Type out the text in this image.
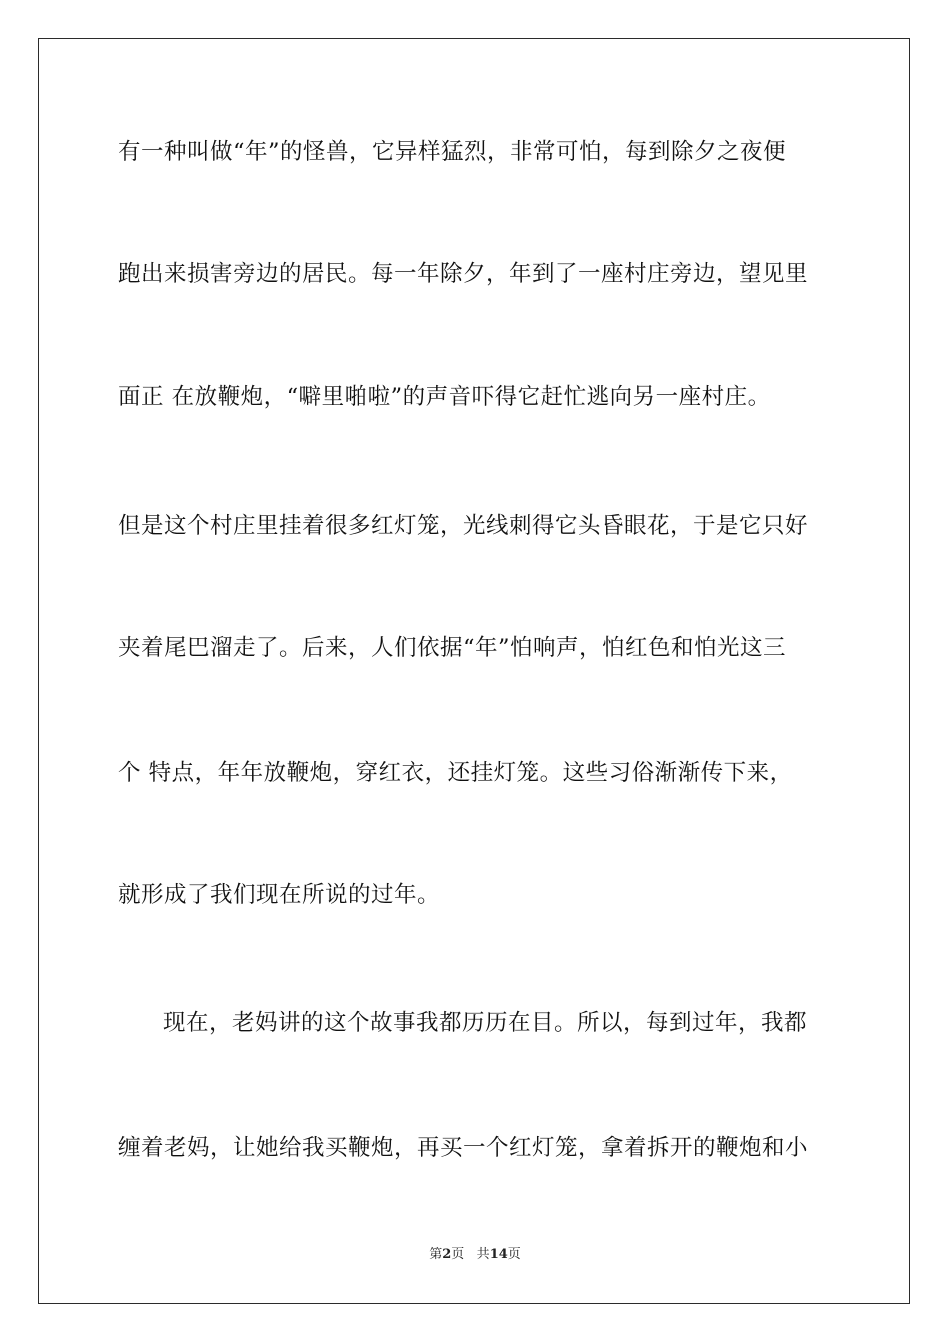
有一种叫做“年”的怪兽，它异样猛烈，非常可怕，每到除夕之夜便
跑出来损害旁边的居民。每一年除夕，年到了一座村庄旁边，望见里
面正 在放鞭炮，“噼里啪啦”的声音吓得它赶忙逃向另一座村庄。
但是这个村庄里挂着很多红灯笼，光线刺得它头昏眼花，于是它只好
夹着尾巴溜走了。后来，人们依据“年”怕响声，怕红色和怕光这三
个 特点，年年放鞭炮，穿红衣，还挂灯笼。这些习俗渐渐传下来，
就形成了我们现在所说的过年。
现在，老妈讲的这个故事我都历历在目。所以，每到过年，我都
缠着老妈，让她给我买鞭炮，再买一个红灯笼，拿着拆开的鞭炮和小
第2页 共14页
